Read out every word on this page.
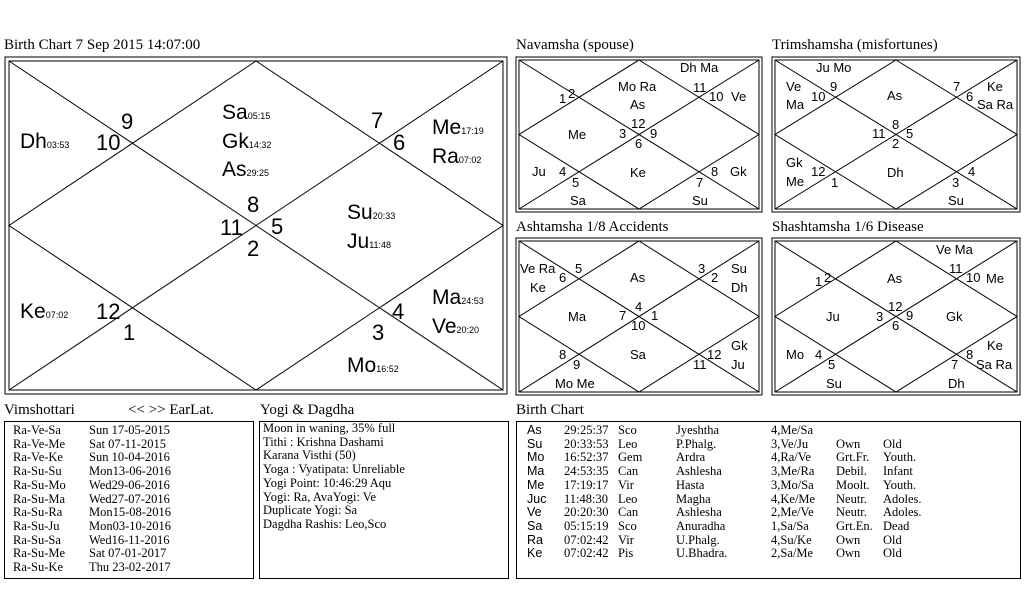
Birth Chart 7 Sep 2015 14:07:00	Navamsha (spouse)	Trimshamsha (misfortunes)
Ashtamsha 1/8 Accidents	Shashtamsha 1/6 Disease
Vimshottari	<< >> EarLat.	Yogi & Dagdha	Birth Chart
9
10
7
6
8
11 5
2
12
1
4
3
Dh03:53
Sa05:15
Gk14:32
As29:25
Me17:19
Ra07:02
Su20:33
Ju11:48
Ke07:02
Ma24:53
Ve20:20
Mo16:52
2
1
11
10
12
3 9
6
4
5
8
7
Mo Ra
As
Dh Ma
Ve
Me
Ke
Ju
Sa
Gk
Su
9
10
7
6
8
11 5
2
12
1
4
3
Ju Mo
Ve
Ma
As
Ke
Sa Ra
Gk
Me
Dh
Su
5
6
3
2
4
7 1
10
8
9
12
11
Ve Ra
Ke
As
Su
Dh
Ma
Sa
Mo Me
Gk
Ju
2
1
11
10
12
3 9
6
4
5
8
7
Ve Ma
As	Me
Ju	Gk
Mo
Su
Ke
Sa Ra
Dh
Ra-Ve-Sa Sun 17-05-2015
Ra-Ve-Me Sat 07-11-2015
Ra-Ve-Ke Sun 10-04-2016
Ra-Su-Su Mon13-06-2016
Ra-Su-Mo Wed29-06-2016
Ra-Su-Ma Wed27-07-2016
Ra-Su-Ra Mon15-08-2016
Ra-Su-Ju Mon03-10-2016
Ra-Su-Sa Wed16-11-2016
Ra-Su-Me Sat 07-01-2017
Ra-Su-Ke Thu 23-02-2017
Moon in waning, 35% full
Tithi : Krishna Dashami
Karana Visthi (50)
Yoga : Vyatipata: Unreliable
Yogi Point: 10:46:29 Aqu
Yogi: Ra, AvaYogi: Ve
Duplicate Yogi: Sa
Dagdha Rashis: Leo,Sco
As 29:25:37 Sco	Jyeshtha	4,Me/Sa
Su 20:33:53 Leo	P.Phalg.	3,Ve/Ju Own Old
Mo 16:52:37 Gem	Ardra	4,Ra/Ve Grt.Fr. Youth.
Ma 24:53:35 Can	Ashlesha	3,Me/Ra Debil. Infant
Me 17:19:17 Vir	Hasta	3,Mo/Sa Moolt. Youth.
Juc 11:48:30 Leo	Magha	4,Ke/Me Neutr. Adoles.
Ve 20:20:30 Can	Ashlesha	2,Me/Ve Neutr. Adoles.
Sa 05:15:19 Sco	Anuradha	1,Sa/Sa Grt.En. Dead
Ra 07:02:42 Vir	U.Phalg.	4,Su/Ke Own Old
Ke 07:02:42 Pis	U.Bhadra.	2,Sa/Me Own Old
